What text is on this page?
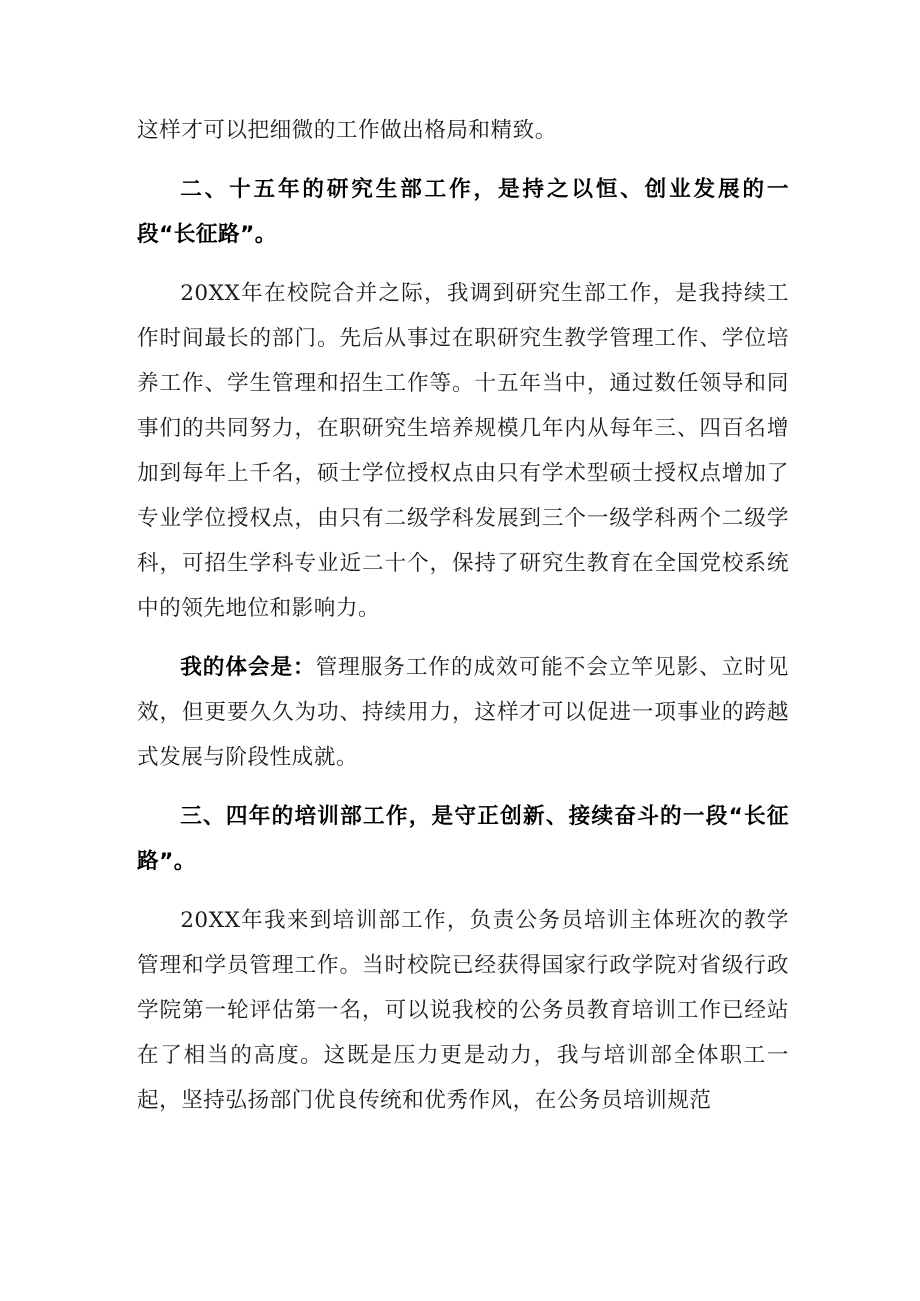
这样才可以把细微的工作做出格局和精致。

二、十五年的研究生部工作，是持之以恒、创业发展的一段“长征路”。

20XX年在校院合并之际，我调到研究生部工作，是我持续工作时间最长的部门。先后从事过在职研究生教学管理工作、学位培养工作、学生管理和招生工作等。十五年当中，通过数任领导和同事们的共同努力，在职研究生培养规模几年内从每年三、四百名增加到每年上千名，硕士学位授权点由只有学术型硕士授权点增加了专业学位授权点，由只有二级学科发展到三个一级学科两个二级学科，可招生学科专业近二十个，保持了研究生教育在全国党校系统中的领先地位和影响力。

我的体会是：管理服务工作的成效可能不会立竿见影、立时见效，但更要久久为功、持续用力，这样才可以促进一项事业的跨越式发展与阶段性成就。

三、四年的培训部工作，是守正创新、接续奋斗的一段“长征路”。

20XX年我来到培训部工作，负责公务员培训主体班次的教学管理和学员管理工作。当时校院已经获得国家行政学院对省级行政学院第一轮评估第一名，可以说我校的公务员教育培训工作已经站在了相当的高度。这既是压力更是动力，我与培训部全体职工一起，坚持弘扬部门优良传统和优秀作风，在公务员培训规范
